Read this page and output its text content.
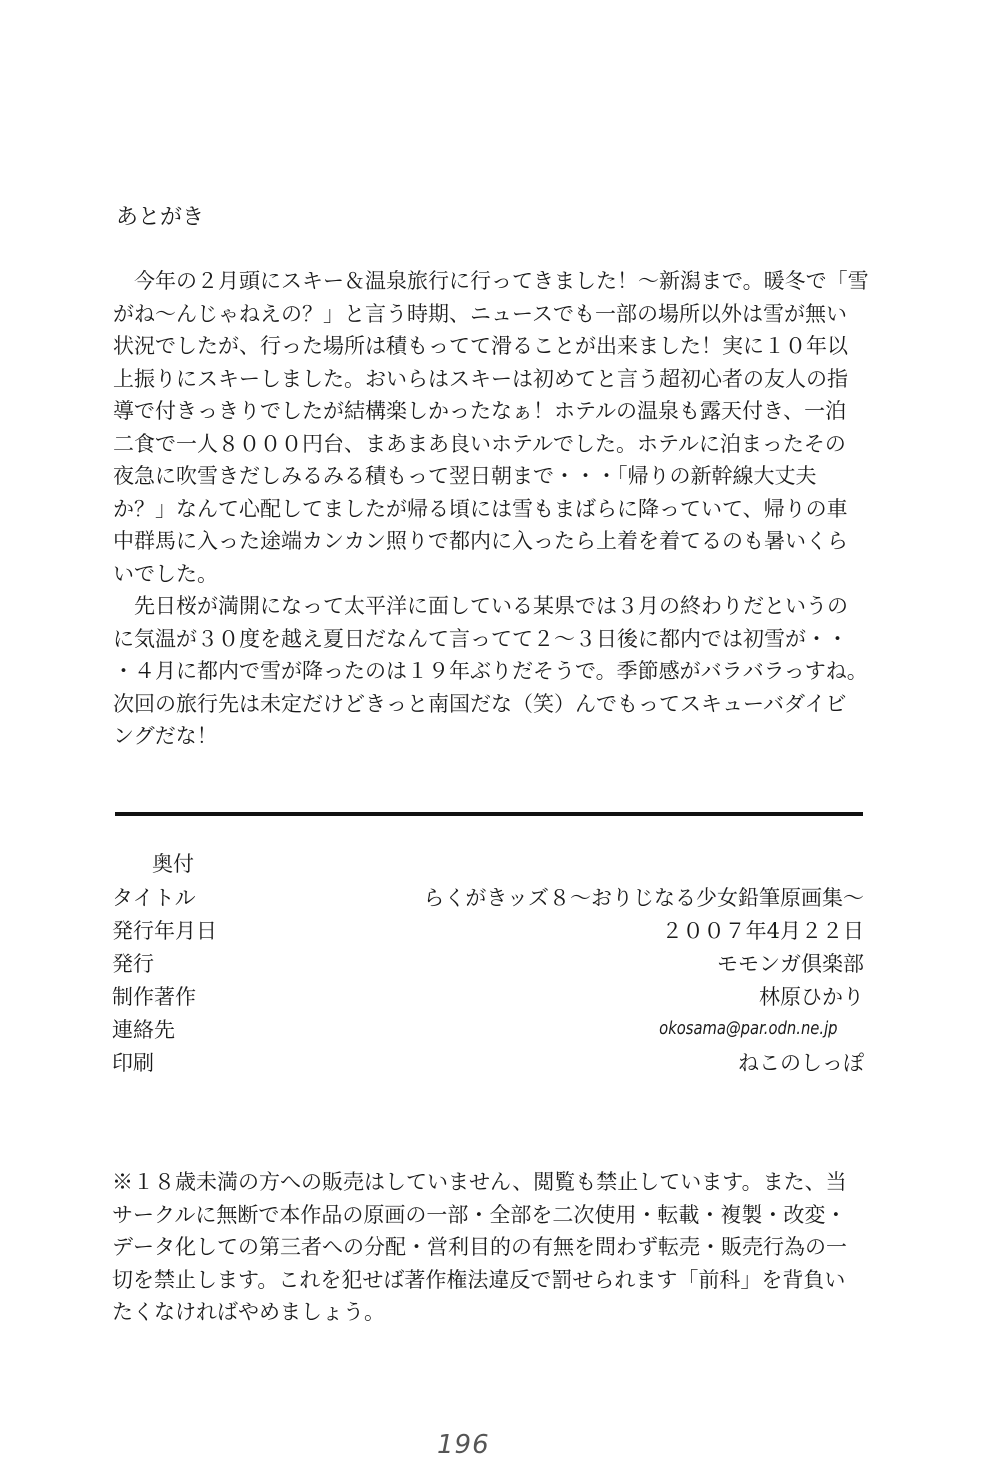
あとがき
　今年の２月頭にスキー＆温泉旅行に行ってきました！～新潟まで。暖冬で「雪
がね～んじゃねえの？」と言う時期、ニュースでも一部の場所以外は雪が無い
状況でしたが、行った場所は積もってて滑ることが出来ました！実に１０年以
上振りにスキーしました。おいらはスキーは初めてと言う超初心者の友人の指
導で付きっきりでしたが結構楽しかったなぁ！ホテルの温泉も露天付き、一泊
二食で一人８０００円台、まあまあ良いホテルでした。ホテルに泊まったその
夜急に吹雪きだしみるみる積もって翌日朝まで・・・「帰りの新幹線大丈夫
か？」なんて心配してましたが帰る頃には雪もまばらに降っていて、帰りの車
中群馬に入った途端カンカン照りで都内に入ったら上着を着てるのも暑いくら
いでした。
　先日桜が満開になって太平洋に面している某県では３月の終わりだというの
に気温が３０度を越え夏日だなんて言ってて２～３日後に都内では初雪が・・
・４月に都内で雪が降ったのは１９年ぶりだそうで。季節感がバラバラっすね。
次回の旅行先は未定だけどきっと南国だな（笑）んでもってスキューバダイビ
ングだな！
奥付
タイトル	らくがきッズ８～おりじなる少女鉛筆原画集～
発行年月日	２００７年4月２２日
発行	モモンガ倶楽部
制作著作	林原ひかり
連絡先	okosama@par.odn.ne.jp
印刷	ねこのしっぽ
※１８歳未満の方への販売はしていません、閲覧も禁止しています。また、当
サークルに無断で本作品の原画の一部・全部を二次使用・転載・複製・改変・
データ化しての第三者への分配・営利目的の有無を問わず転売・販売行為の一
切を禁止します。これを犯せば著作権法違反で罰せられます「前科」を背負い
たくなければやめましょう。
196
